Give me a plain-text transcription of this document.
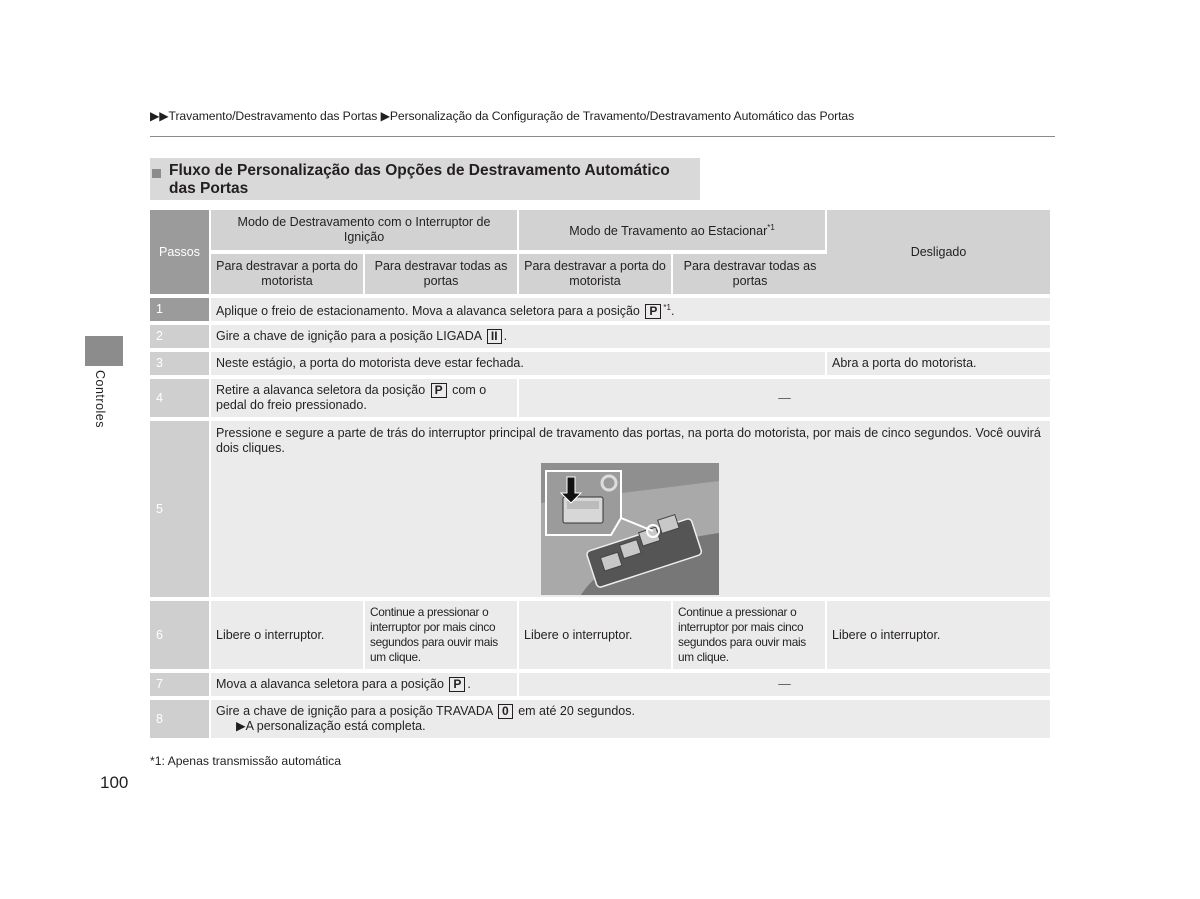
▶▶Travamento/Destravamento das Portas ▶Personalização da Configuração de Travamento/Destravamento Automático das Portas
Fluxo de Personalização das Opções de Destravamento Automático das Portas
Controles
Passos	Modo de Destravamento com o Interruptor de Ignição		Modo de Travamento ao Estacionar$^{*1}$		Desligado
	Para destravar a porta do motorista	Para destravar todas as portas	Para destravar a porta do motorista	Para destravar todas as portas	
1	Aplique o freio de estacionamento. Mova a alavanca seletora para a posição P $^{*1}$.				
2	Gire a chave de ignição para a posição LIGADA II .				
3	Neste estágio, a porta do motorista deve estar fechada.				Abra a porta do motorista.
4	Retire a alavanca seletora da posição P com o pedal do freio pressionado.		—		
5	Pressione e segure a parte de trás do interruptor principal de travamento das portas, na porta do motorista, por mais de cinco segundos. Você ouvirá dois cliques.				

6	Libere o interruptor.	Continue a pressionar o interruptor por mais cinco segundos para ouvir mais um clique.	Libere o interruptor.	Continue a pressionar o interruptor por mais cinco segundos para ouvir mais um clique.	Libere o interruptor.
7	Mova a alavanca seletora para a posição P .		—		
8	Gire a chave de ignição para a posição TRAVADA 0 em até 20 segundos.
▶A personalização está completa.				
*1: Apenas transmissão automática
100
